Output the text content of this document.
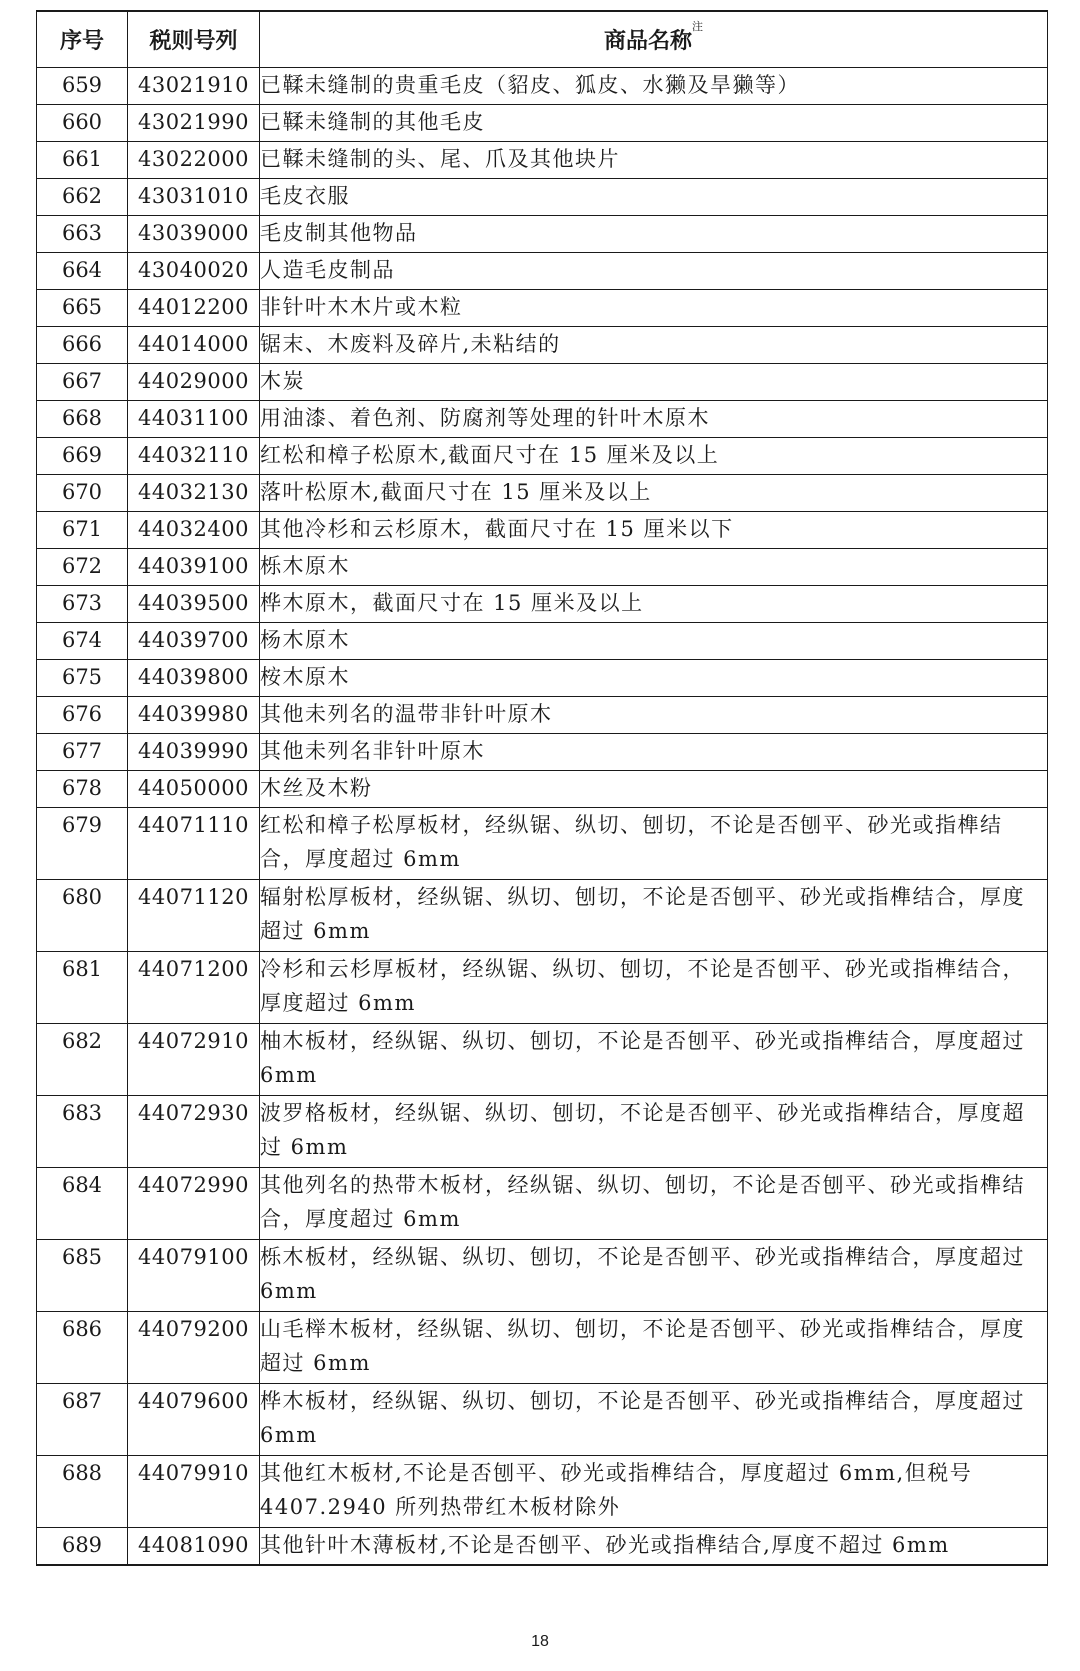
序号	税则号列	商品名称$^注$
659	43021910	已鞣未缝制的贵重毛皮（貂皮、狐皮、水獭及旱獭等）
660	43021990	已鞣未缝制的其他毛皮
661	43022000	已鞣未缝制的头、尾、爪及其他块片
662	43031010	毛皮衣服
663	43039000	毛皮制其他物品
664	43040020	人造毛皮制品
665	44012200	非针叶木木片或木粒
666	44014000	锯末、木废料及碎片,未粘结的
667	44029000	木炭
668	44031100	用油漆、着色剂、防腐剂等处理的针叶木原木
669	44032110	红松和樟子松原木,截面尺寸在 15 厘米及以上
670	44032130	落叶松原木,截面尺寸在 15 厘米及以上
671	44032400	其他冷杉和云杉原木，截面尺寸在 15 厘米以下
672	44039100	栎木原木
673	44039500	桦木原木，截面尺寸在 15 厘米及以上
674	44039700	杨木原木
675	44039800	桉木原木
676	44039980	其他未列名的温带非针叶原木
677	44039990	其他未列名非针叶原木
678	44050000	木丝及木粉
679	44071110	红松和樟子松厚板材，经纵锯、纵切、刨切，不论是否刨平、砂光或指榫结合，厚度超过 6mm
680	44071120	辐射松厚板材，经纵锯、纵切、刨切，不论是否刨平、砂光或指榫结合，厚度超过 6mm
681	44071200	冷杉和云杉厚板材，经纵锯、纵切、刨切，不论是否刨平、砂光或指榫结合，厚度超过 6mm
682	44072910	柚木板材，经纵锯、纵切、刨切，不论是否刨平、砂光或指榫结合，厚度超过 6mm
683	44072930	波罗格板材，经纵锯、纵切、刨切，不论是否刨平、砂光或指榫结合，厚度超过 6mm
684	44072990	其他列名的热带木板材，经纵锯、纵切、刨切，不论是否刨平、砂光或指榫结合，厚度超过 6mm
685	44079100	栎木板材，经纵锯、纵切、刨切，不论是否刨平、砂光或指榫结合，厚度超过 6mm
686	44079200	山毛榉木板材，经纵锯、纵切、刨切，不论是否刨平、砂光或指榫结合，厚度超过 6mm
687	44079600	桦木板材，经纵锯、纵切、刨切，不论是否刨平、砂光或指榫结合，厚度超过 6mm
688	44079910	其他红木板材,不论是否刨平、砂光或指榫结合，厚度超过 6mm,但税号 4407.2940 所列热带红木板材除外
689	44081090	其他针叶木薄板材,不论是否刨平、砂光或指榫结合,厚度不超过 6mm
18
